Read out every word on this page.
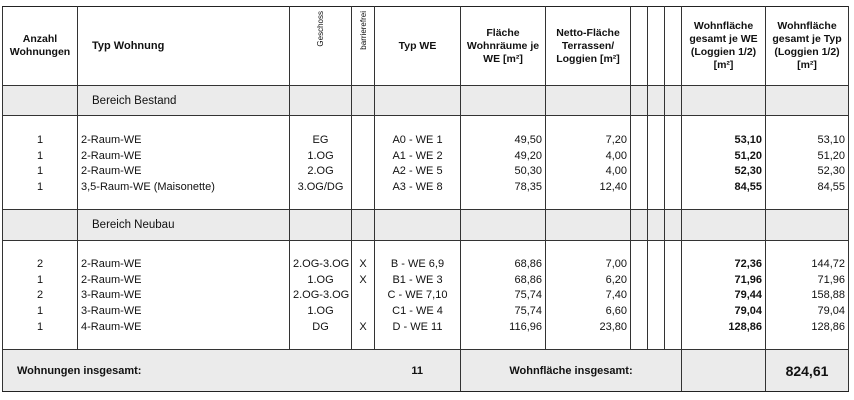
Anzahl Wohnungen	Typ Wohnung	Geschoss	barrierefrei	Typ WE	Fläche Wohnräume je WE [m²]	Netto-Fläche Terrassen/ Loggien [m²]				Wohnfläche gesamt je WE (Loggien 1/2) [m²]	Wohnfläche gesamt je Typ (Loggien 1/2) [m²]
	Bereich Bestand										

1	2-Raum-WE	EG		A0 - WE 1	49,50	7,20				53,10	53,10
1	2-Raum-WE	1.OG		A1 - WE 2	49,20	4,00				51,20	51,20
1	2-Raum-WE	2.OG		A2 - WE 5	50,30	4,00				52,30	52,30
1	3,5-Raum-WE (Maisonette)	3.OG/DG		A3 - WE 8	78,35	12,40				84,55	84,55

	Bereich Neubau										

2	2-Raum-WE	2.OG-3.OG	X	B - WE 6,9	68,86	7,00				72,36	144,72
1	2-Raum-WE	1.OG	X	B1 - WE 3	68,86	6,20				71,96	71,96
2	3-Raum-WE	2.OG-3.OG		C - WE 7,10	75,74	7,40				79,44	158,88
1	3-Raum-WE	1.OG		C1 - WE 4	75,74	6,60				79,04	79,04
1	4-Raum-WE	DG	X	D - WE 11	116,96	23,80				128,86	128,86

Wohnungen insgesamt:				11	Wohnfläche insgesamt:						824,61
